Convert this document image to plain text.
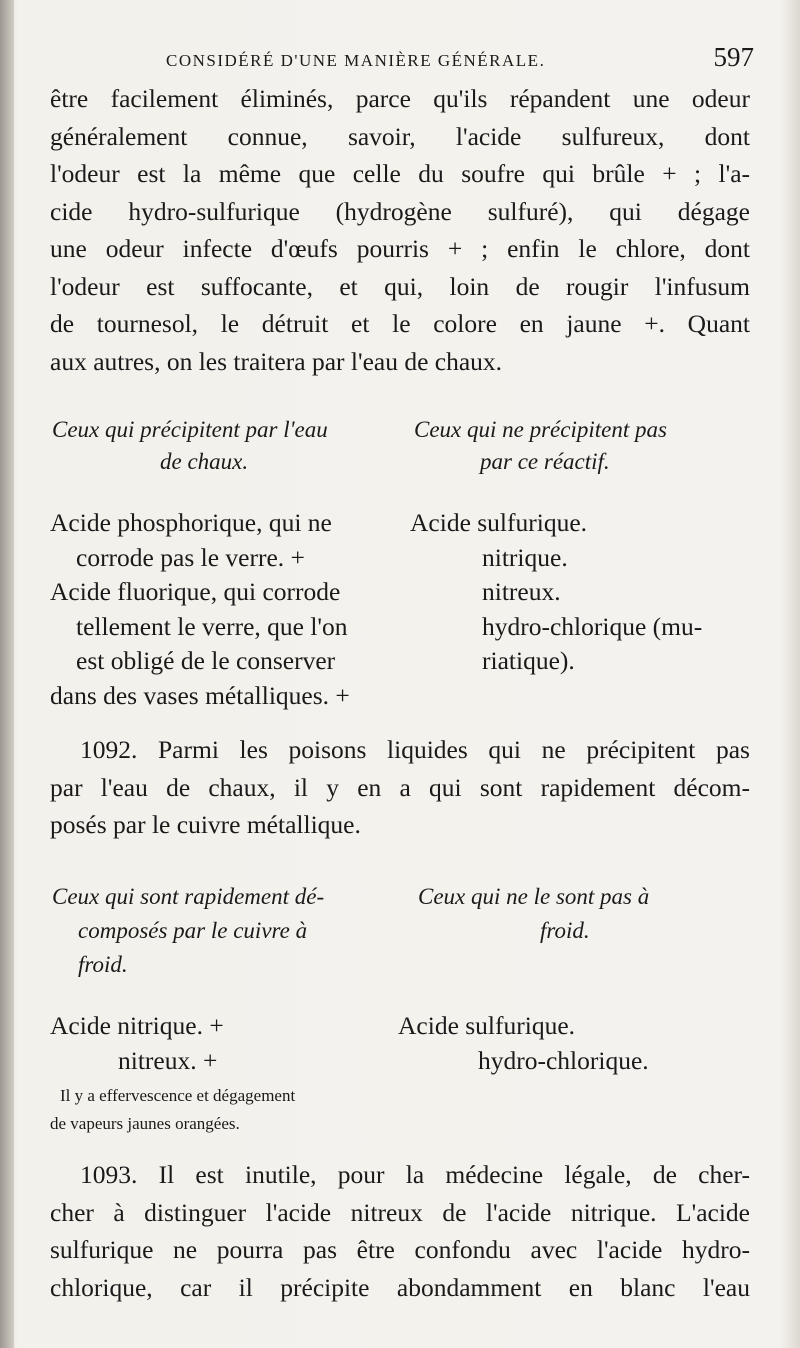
CONSIDÉRÉ D'UNE MANIÈRE GÉNÉRALE.	597
être facilement éliminés, parce qu'ils répandent une odeur
généralement connue, savoir, l'acide sulfureux, dont
l'odeur est la même que celle du soufre qui brûle + ; l'a-
cide hydro-sulfurique (hydrogène sulfuré), qui dégage
une odeur infecte d'œufs pourris + ; enfin le chlore, dont
l'odeur est suffocante, et qui, loin de rougir l'infusum
de tournesol, le détruit et le colore en jaune +. Quant
aux autres, on les traitera par l'eau de chaux.
Ceux qui précipitent par l'eau
de chaux.
Ceux qui ne précipitent pas
par ce réactif.
Acide phosphorique, qui ne
corrode pas le verre. +
Acide fluorique, qui corrode
tellement le verre, que l'on
est obligé de le conserver
dans des vases métalliques. +
Acide sulfurique.
nitrique.
nitreux.
hydro-chlorique (mu-
riatique).
1092. Parmi les poisons liquides qui ne précipitent pas
par l'eau de chaux, il y en a qui sont rapidement décom-
posés par le cuivre métallique.
Ceux qui sont rapidement dé-
composés par le cuivre à
froid.
Ceux qui ne le sont pas à
froid.
Acide nitrique. +
nitreux. +
Acide sulfurique.
hydro-chlorique.
Il y a effervescence et dégagement
de vapeurs jaunes orangées.
1093. Il est inutile, pour la médecine légale, de cher-
cher à distinguer l'acide nitreux de l'acide nitrique. L'acide
sulfurique ne pourra pas être confondu avec l'acide hydro-
chlorique, car il précipite abondamment en blanc l'eau
